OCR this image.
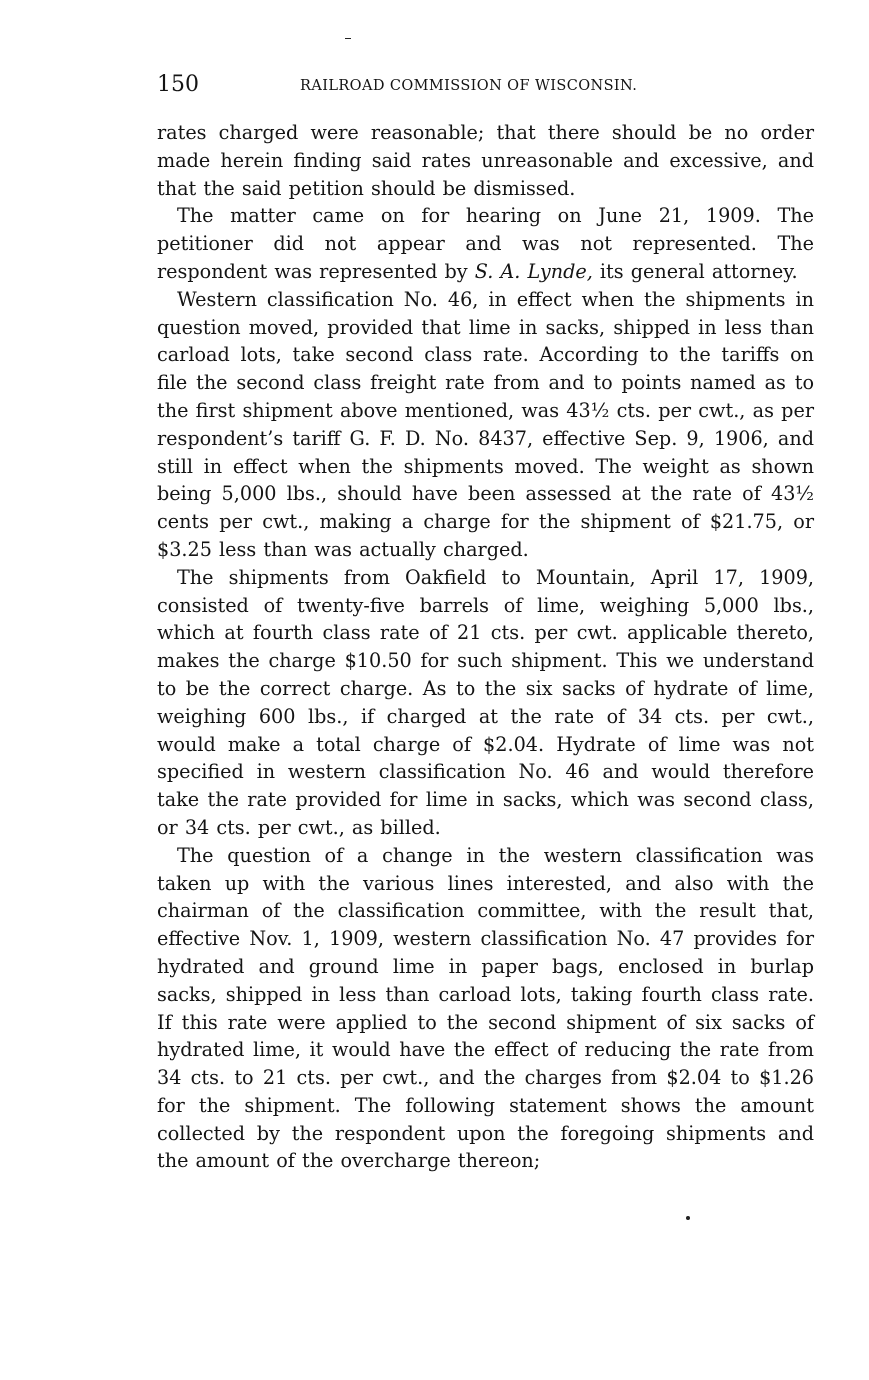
150	RAILROAD COMMISSION OF WISCONSIN.

rates charged were reasonable; that there should be no order made herein finding said rates unreasonable and excessive, and that the said petition should be dismissed.

The matter came on for hearing on June 21, 1909. The petitioner did not appear and was not represented. The respondent was represented by S. A. Lynde, its general attorney.

Western classification No. 46, in effect when the shipments in question moved, provided that lime in sacks, shipped in less than carload lots, take second class rate. According to the tariffs on file the second class freight rate from and to points named as to the first shipment above mentioned, was 43½ cts. per cwt., as per respondent’s tariff G. F. D. No. 8437, effective Sep. 9, 1906, and still in effect when the shipments moved. The weight as shown being 5,000 lbs., should have been assessed at the rate of 43½ cents per cwt., making a charge for the shipment of $21.75, or $3.25 less than was actually charged.

The shipments from Oakfield to Mountain, April 17, 1909, consisted of twenty-five barrels of lime, weighing 5,000 lbs., which at fourth class rate of 21 cts. per cwt. applicable thereto, makes the charge $10.50 for such shipment. This we understand to be the correct charge. As to the six sacks of hydrate of lime, weighing 600 lbs., if charged at the rate of 34 cts. per cwt., would make a total charge of $2.04. Hydrate of lime was not specified in western classification No. 46 and would therefore take the rate provided for lime in sacks, which was second class, or 34 cts. per cwt., as billed.

The question of a change in the western classification was taken up with the various lines interested, and also with the chairman of the classification committee, with the result that, effective Nov. 1, 1909, western classification No. 47 provides for hydrated and ground lime in paper bags, enclosed in burlap sacks, shipped in less than carload lots, taking fourth class rate. If this rate were applied to the second shipment of six sacks of hydrated lime, it would have the effect of reducing the rate from 34 cts. to 21 cts. per cwt., and the charges from $2.04 to $1.26 for the shipment. The following statement shows the amount collected by the respondent upon the foregoing shipments and the amount of the overcharge thereon;
